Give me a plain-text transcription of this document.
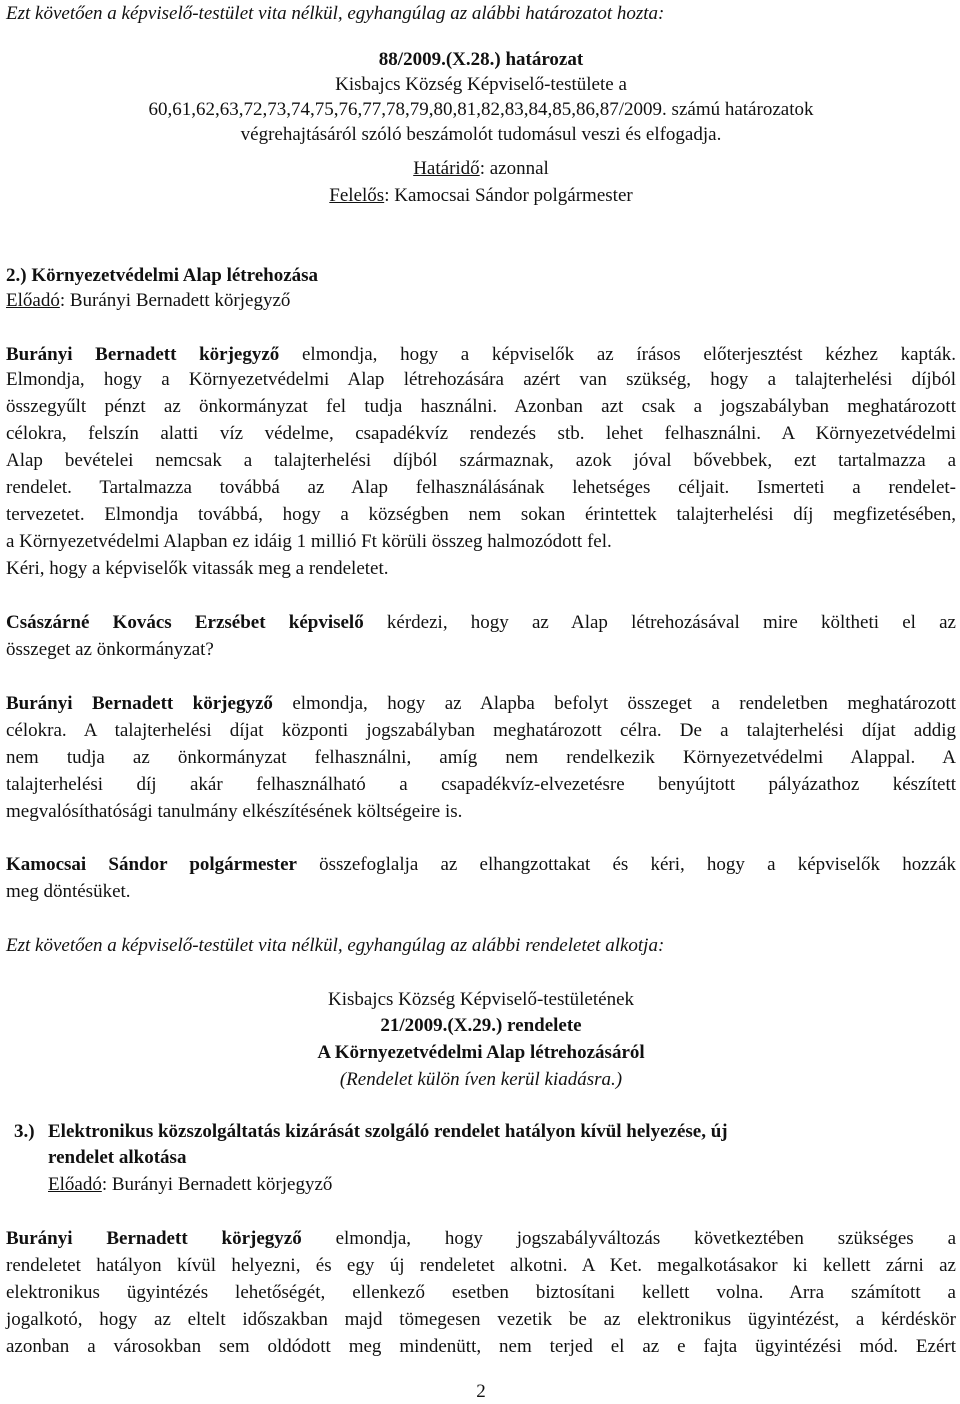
Ezt követően a képviselő-testület vita nélkül, egyhangúlag az alábbi határozatot hozta:
88/2009.(X.28.) határozat
Kisbajcs Község Képviselő-testülete a
60,61,62,63,72,73,74,75,76,77,78,79,80,81,82,83,84,85,86,87/2009. számú határozatok
végrehajtásáról szóló beszámolót tudomásul veszi és elfogadja.
Határidő: azonnal
Felelős: Kamocsai Sándor polgármester
2.) Környezetvédelmi Alap létrehozása
Előadó: Burányi Bernadett körjegyző
Burányi Bernadett körjegyző elmondja, hogy a képviselők az írásos előterjesztést kézhez kapták.
Elmondja, hogy a Környezetvédelmi Alap létrehozására azért van szükség, hogy a talajterhelési díjból
összegyűlt pénzt az önkormányzat fel tudja használni. Azonban azt csak a jogszabályban meghatározott
célokra, felszín alatti víz védelme, csapadékvíz rendezés stb. lehet felhasználni. A Környezetvédelmi
Alap bevételei nemcsak a talajterhelési díjból származnak, azok jóval bővebbek, ezt tartalmazza a
rendelet. Tartalmazza továbbá az Alap felhasználásának lehetséges céljait. Ismerteti a rendelet-
tervezetet. Elmondja továbbá, hogy a községben nem sokan érintettek talajterhelési díj megfizetésében,
a Környezetvédelmi Alapban ez idáig 1 millió Ft körüli összeg halmozódott fel.
Kéri, hogy a képviselők vitassák meg a rendeletet.
Császárné Kovács Erzsébet képviselő kérdezi, hogy az Alap létrehozásával mire költheti el az
összeget az önkormányzat?
Burányi Bernadett körjegyző elmondja, hogy az Alapba befolyt összeget a rendeletben meghatározott
célokra. A talajterhelési díjat központi jogszabályban meghatározott célra. De a talajterhelési díjat addig
nem tudja az önkormányzat felhasználni, amíg nem rendelkezik Környezetvédelmi Alappal. A
talajterhelési díj akár felhasználható a csapadékvíz-elvezetésre benyújtott pályázathoz készített
megvalósíthatósági tanulmány elkészítésének költségeire is.
Kamocsai Sándor polgármester összefoglalja az elhangzottakat és kéri, hogy a képviselők hozzák
meg döntésüket.
Ezt követően a képviselő-testület vita nélkül, egyhangúlag az alábbi rendeletet alkotja:
Kisbajcs Község Képviselő-testületének
21/2009.(X.29.) rendelete
A Környezetvédelmi Alap létrehozásáról
(Rendelet külön íven kerül kiadásra.)
3.) Elektronikus közszolgáltatás kizárását szolgáló rendelet hatályon kívül helyezése, új
rendelet alkotása
Előadó: Burányi Bernadett körjegyző
Burányi Bernadett körjegyző elmondja, hogy jogszabályváltozás következtében szükséges a
rendeletet hatályon kívül helyezni, és egy új rendeletet alkotni. A Ket. megalkotásakor ki kellett zárni az
elektronikus ügyintézés lehetőségét, ellenkező esetben biztosítani kellett volna. Arra számított a
jogalkotó, hogy az eltelt időszakban majd tömegesen vezetik be az elektronikus ügyintézést, a kérdéskör
azonban a városokban sem oldódott meg mindenütt, nem terjed el az e fajta ügyintézési mód. Ezért
2
